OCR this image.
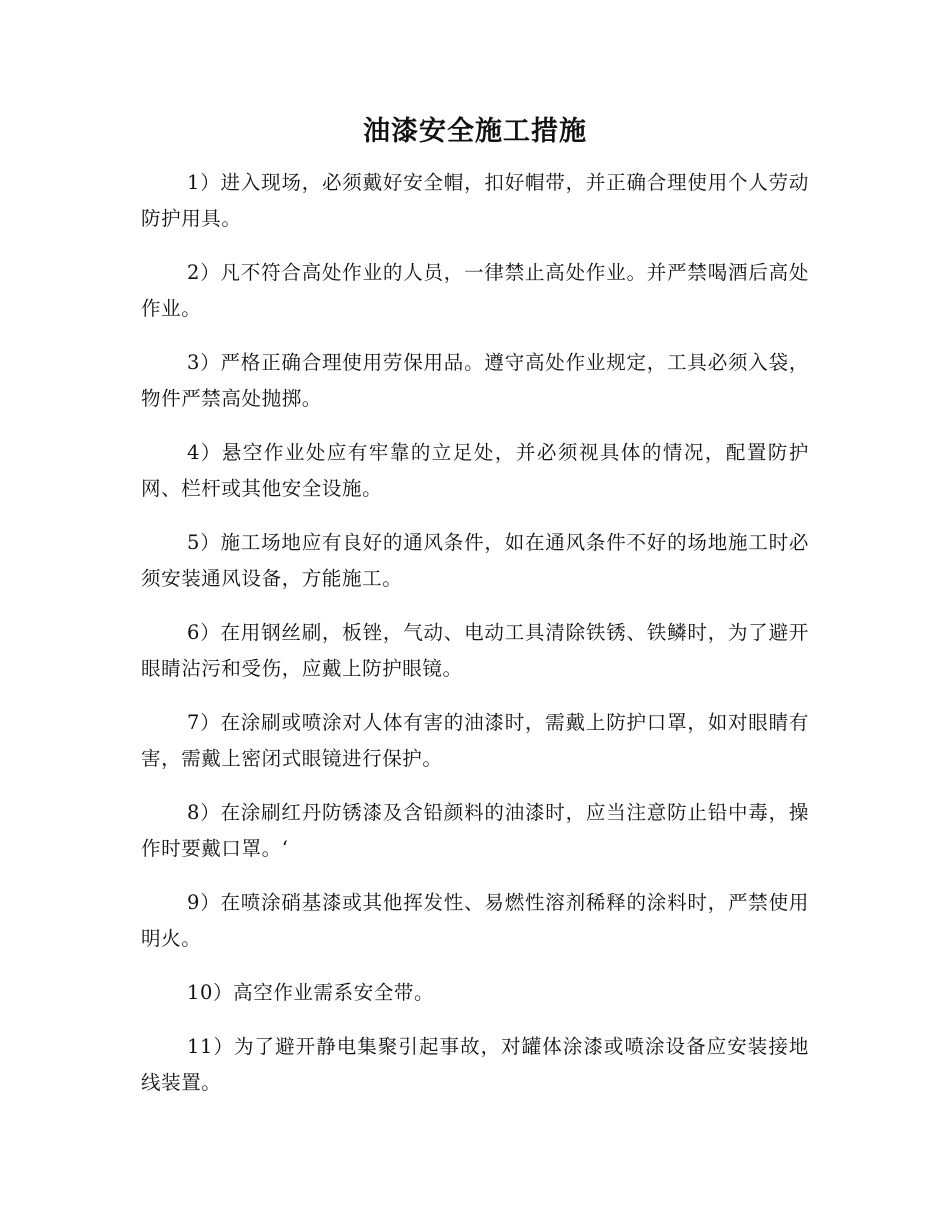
油漆安全施工措施

1）进入现场，必须戴好安全帽，扣好帽带，并正确合理使用个人劳动防护用具。

2）凡不符合高处作业的人员，一律禁止高处作业。并严禁喝酒后高处作业。

3）严格正确合理使用劳保用品。遵守高处作业规定，工具必须入袋，物件严禁高处抛掷。

4）悬空作业处应有牢靠的立足处，并必须视具体的情况，配置防护网、栏杆或其他安全设施。

5）施工场地应有良好的通风条件，如在通风条件不好的场地施工时必须安装通风设备，方能施工。

6）在用钢丝刷，板锉，气动、电动工具清除铁锈、铁鳞时，为了避开眼睛沾污和受伤，应戴上防护眼镜。

7）在涂刷或喷涂对人体有害的油漆时，需戴上防护口罩，如对眼睛有害，需戴上密闭式眼镜进行保护。

8）在涂刷红丹防锈漆及含铅颜料的油漆时，应当注意防止铅中毒，操作时要戴口罩。‘

9）在喷涂硝基漆或其他挥发性、易燃性溶剂稀释的涂料时，严禁使用明火。

10）高空作业需系安全带。

11）为了避开静电集聚引起事故，对罐体涂漆或喷涂设备应安装接地线装置。
